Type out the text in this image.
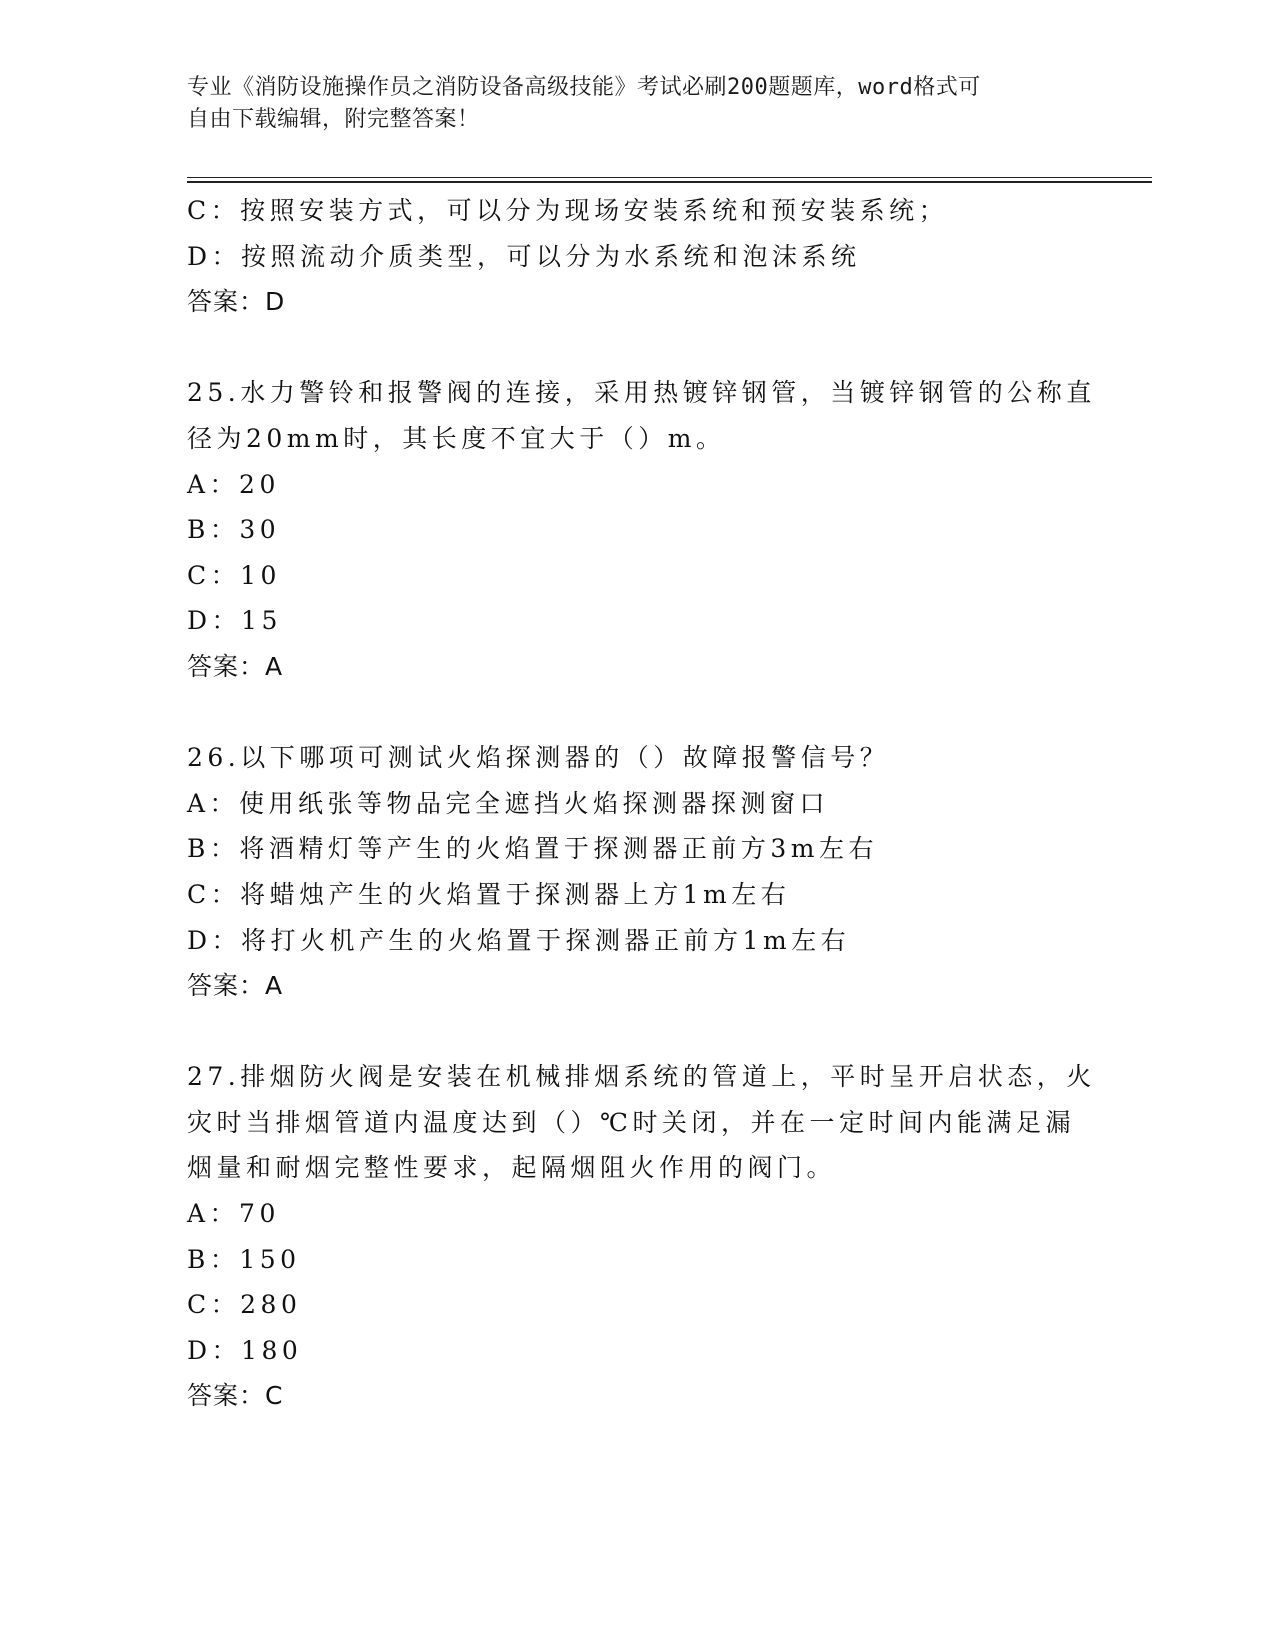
专业《消防设施操作员之消防设备高级技能》考试必刷200题题库，word格式可
自由下载编辑，附完整答案！
C：按照安装方式，可以分为现场安装系统和预安装系统；
D：按照流动介质类型，可以分为水系统和泡沫系统
答案：D
25.水力警铃和报警阀的连接，采用热镀锌钢管，当镀锌钢管的公称直
径为20mm时，其长度不宜大于（）m。
A：20
B：30
C：10
D：15
答案：A
26.以下哪项可测试火焰探测器的（）故障报警信号？
A：使用纸张等物品完全遮挡火焰探测器探测窗口
B：将酒精灯等产生的火焰置于探测器正前方3m左右
C：将蜡烛产生的火焰置于探测器上方1m左右
D：将打火机产生的火焰置于探测器正前方1m左右
答案：A
27.排烟防火阀是安装在机械排烟系统的管道上，平时呈开启状态，火
灾时当排烟管道内温度达到（）℃时关闭，并在一定时间内能满足漏
烟量和耐烟完整性要求，起隔烟阻火作用的阀门。
A：70
B：150
C：280
D：180
答案：C
